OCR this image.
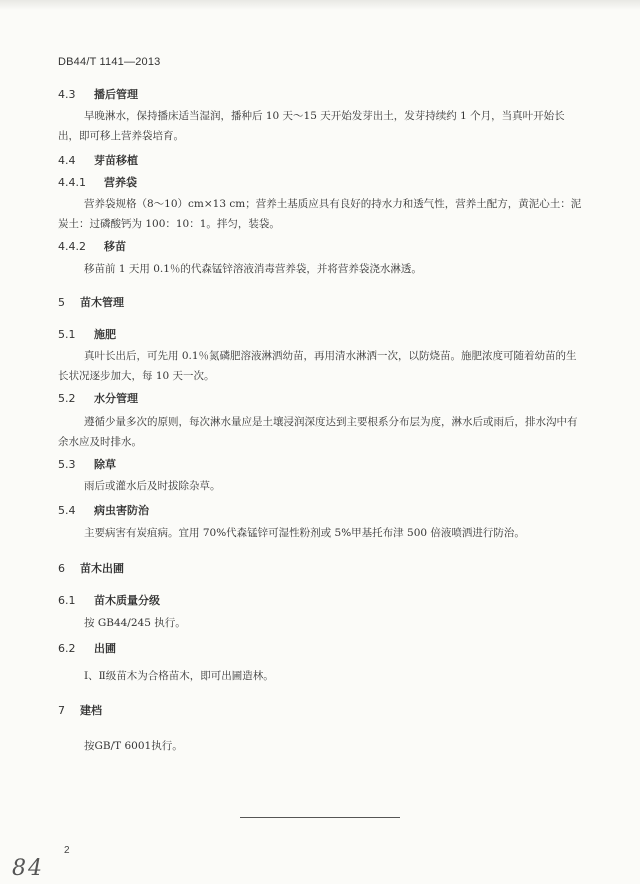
DB44/T 1141—2013
4.3 播后管理
早晚淋水，保持播床适当湿润，播种后 10 天～15 天开始发芽出土，发芽持续约 1 个月，当真叶开始长出，即可移上营养袋培育。
4.4 芽苗移植
4.4.1 营养袋
营养袋规格（8～10）cm×13 cm；营养土基质应具有良好的持水力和透气性，营养土配方，黄泥心土：泥炭土：过磷酸钙为 100：10：1。拌匀，装袋。
4.4.2 移苗
移苗前 1 天用 0.1％的代森锰锌溶液消毒营养袋，并将营养袋浇水淋透。
5 苗木管理
5.1 施肥
真叶长出后，可先用 0.1％氮磷肥溶液淋洒幼苗，再用清水淋洒一次，以防烧苗。施肥浓度可随着幼苗的生长状况逐步加大，每 10 天一次。
5.2 水分管理
遵循少量多次的原则，每次淋水量应是土壤浸润深度达到主要根系分布层为度，淋水后或雨后，排水沟中有余水应及时排水。
5.3 除草
雨后或灌水后及时拔除杂草。
5.4 病虫害防治
主要病害有炭疽病。宜用 70%代森锰锌可湿性粉剂或 5%甲基托布津 500 倍液喷洒进行防治。
6 苗木出圃
6.1 苗木质量分级
按 GB44/245 执行。
6.2 出圃
Ⅰ、Ⅱ级苗木为合格苗木，即可出圃造林。
7 建档
按GB/T 6001执行。
2
84
